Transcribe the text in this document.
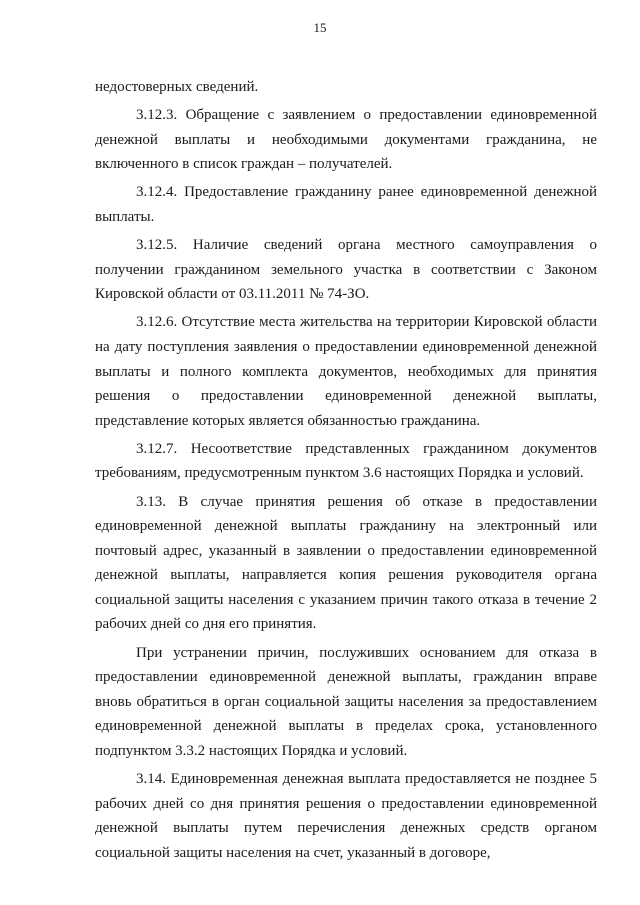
15

недостоверных сведений.

3.12.3. Обращение с заявлением о предоставлении единовременной денежной выплаты и необходимыми документами гражданина, не включенного в список граждан – получателей.

3.12.4. Предоставление гражданину ранее единовременной денежной выплаты.

3.12.5. Наличие сведений органа местного самоуправления о получении гражданином земельного участка в соответствии с Законом Кировской области от 03.11.2011 № 74-ЗО.

3.12.6. Отсутствие места жительства на территории Кировской области на дату поступления заявления о предоставлении единовременной денежной выплаты и полного комплекта документов, необходимых для принятия решения о предоставлении единовременной денежной выплаты, представление которых является обязанностью гражданина.

3.12.7. Несоответствие представленных гражданином документов требованиям, предусмотренным пунктом 3.6 настоящих Порядка и условий.

3.13. В случае принятия решения об отказе в предоставлении единовременной денежной выплаты гражданину на электронный или почтовый адрес, указанный в заявлении о предоставлении единовременной денежной выплаты, направляется копия решения руководителя органа социальной защиты населения с указанием причин такого отказа в течение 2 рабочих дней со дня его принятия.

При устранении причин, послуживших основанием для отказа в предоставлении единовременной денежной выплаты, гражданин вправе вновь обратиться в орган социальной защиты населения за предоставлением единовременной денежной выплаты в пределах срока, установленного подпунктом 3.3.2 настоящих Порядка и условий.

3.14. Единовременная денежная выплата предоставляется не позднее 5 рабочих дней со дня принятия решения о предоставлении единовременной денежной выплаты путем перечисления денежных средств органом социальной защиты населения на счет, указанный в договоре,
